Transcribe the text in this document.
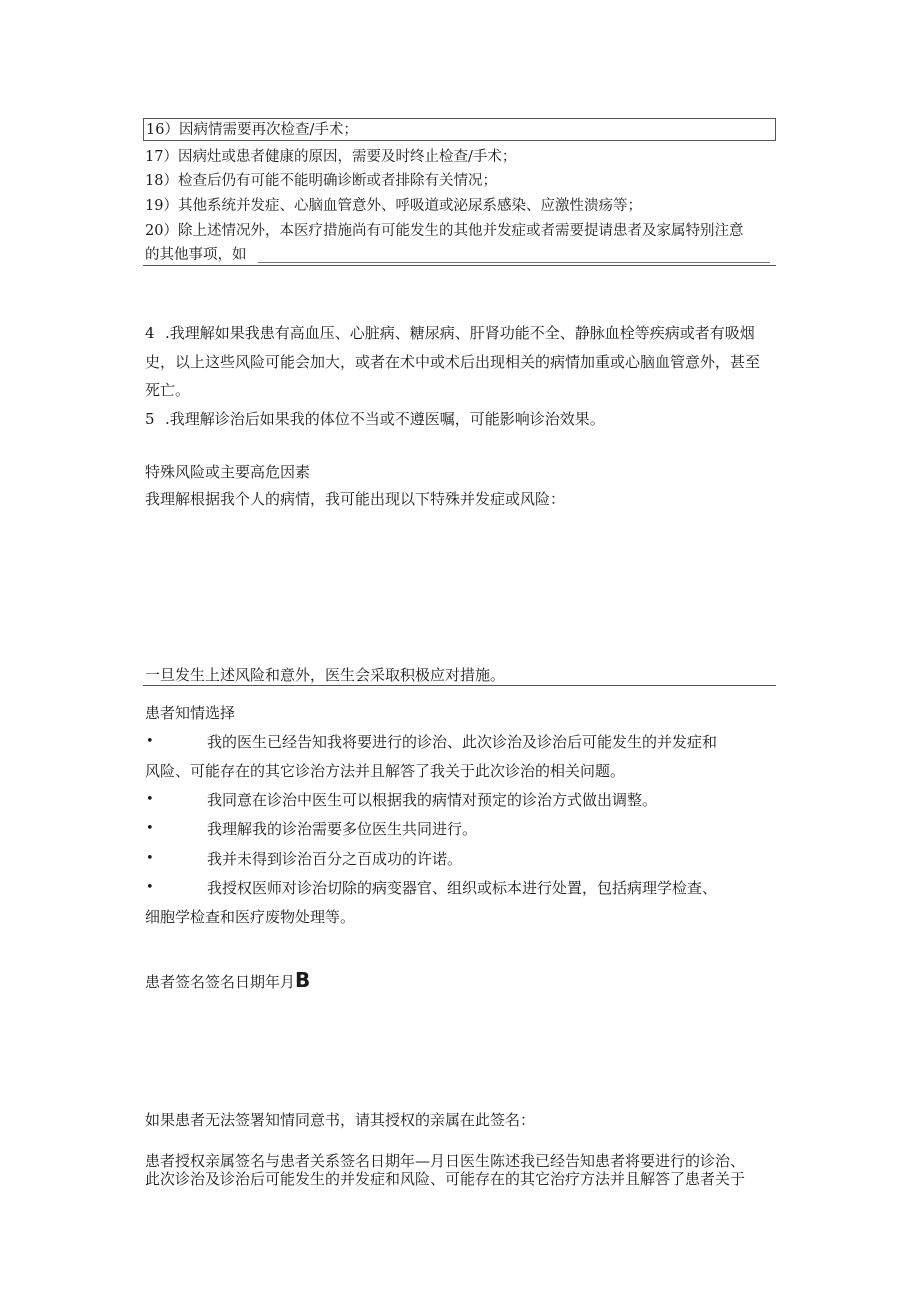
16）因病情需要再次检查/手术；
17）因病灶或患者健康的原因，需要及时终止检查/手术；
18）检查后仍有可能不能明确诊断或者排除有关情况；
19）其他系统并发症、心脑血管意外、呼吸道或泌尿系感染、应激性溃疡等；
20）除上述情况外，本医疗措施尚有可能发生的其他并发症或者需要提请患者及家属特别注意
的其他事项，如
4 .我理解如果我患有高血压、心脏病、糖尿病、肝肾功能不全、静脉血栓等疾病或者有吸烟
史，以上这些风险可能会加大，或者在术中或术后出现相关的病情加重或心脑血管意外，甚至
死亡。
5 .我理解诊治后如果我的体位不当或不遵医嘱，可能影响诊治效果。
特殊风险或主要高危因素
我理解根据我个人的病情，我可能出现以下特殊并发症或风险：
一旦发生上述风险和意外，医生会采取积极应对措施。
患者知情选择
•	我的医生已经告知我将要进行的诊治、此次诊治及诊治后可能发生的并发症和
风险、可能存在的其它诊治方法并且解答了我关于此次诊治的相关问题。
•	我同意在诊治中医生可以根据我的病情对预定的诊治方式做出调整。
•	我理解我的诊治需要多位医生共同进行。
•	我并未得到诊治百分之百成功的许诺。
•	我授权医师对诊治切除的病变器官、组织或标本进行处置，包括病理学检查、
细胞学检查和医疗废物处理等。
患者签名签名日期年月B
如果患者无法签署知情同意书，请其授权的亲属在此签名：
患者授权亲属签名与患者关系签名日期年—月日医生陈述我已经告知患者将要进行的诊治、
此次诊治及诊治后可能发生的并发症和风险、可能存在的其它治疗方法并且解答了患者关于
